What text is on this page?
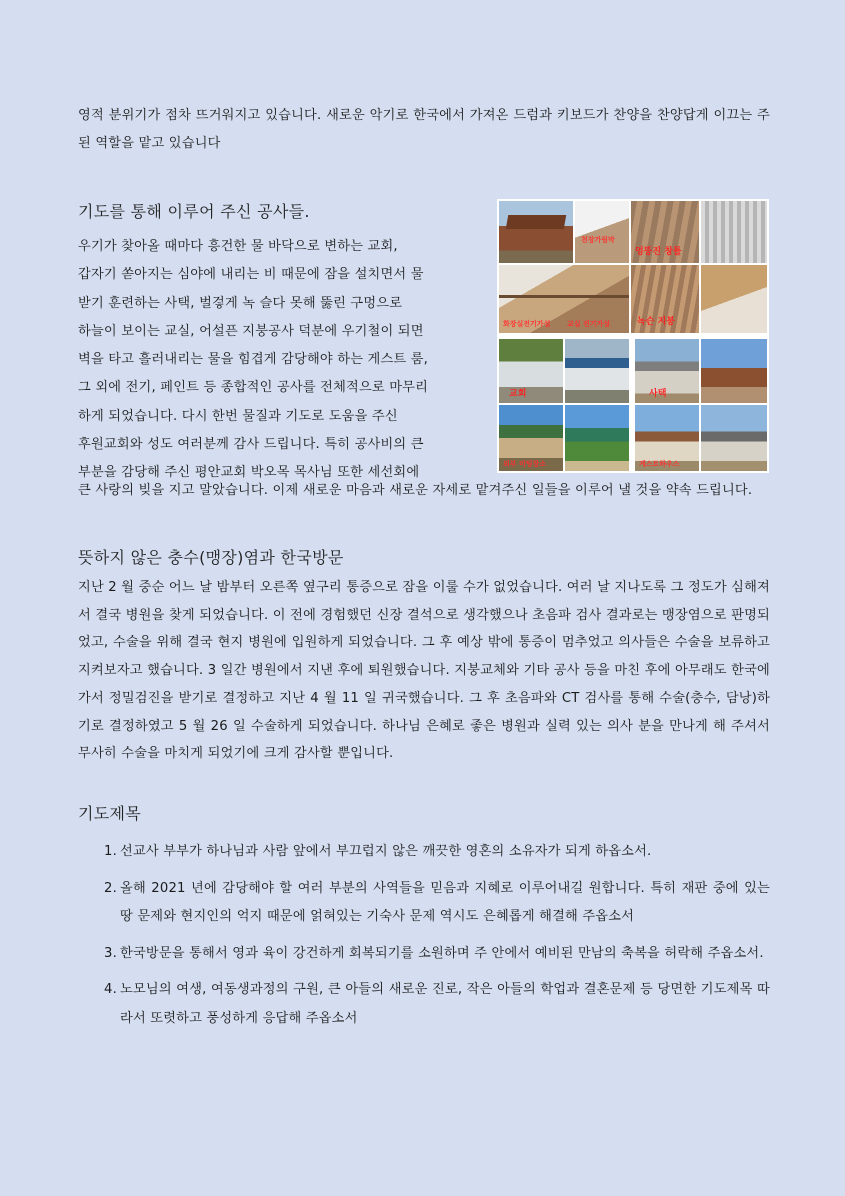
영적 분위기가 점차 뜨거워지고 있습니다. 새로운 악기로 한국에서 가져온 드럼과 키보드가 찬양을 찬양답게 이끄는 주된 역할을 맡고 있습니다
기도를 통해 이루어 주신 공사들.
우기가 찾아올 때마다 흥건한 물 바닥으로 변하는 교회,
갑자기 쏟아지는 심야에 내리는 비 때문에 잠을 설치면서 물
받기 훈련하는 사택, 벌겋게 녹 슬다 못해 뚫린 구멍으로
하늘이 보이는 교실, 어설픈 지붕공사 덕분에 우기철이 되면
벽을 타고 흘러내리는 물을 힘겹게 감당해야 하는 게스트 룸,
그 외에 전기, 페인트 등 종합적인 공사를 전체적으로 마무리
하게 되었습니다. 다시 한번 물질과 기도로 도움을 주신
후원교회와 성도 여러분께 감사 드립니다. 특히 공사비의 큰
부분을 감당해 주신 평안교회 박오목 목사님 또한 세선회에
큰 사랑의 빚을 지고 말았습니다. 이제 새로운 마음과 새로운 자세로 맡겨주신 일들을 이루어 낼 것을 약속 드립니다.
천장가림막
엉뚱진 창틀
화장실전기가설 교실 전기가설	녹슨 지붕
교회	사택
외부 미팅장소	게스트하우스
뜻하지 않은 충수(맹장)염과 한국방문
지난 2 월 중순 어느 날 밤부터 오른쪽 옆구리 통증으로 잠을 이룰 수가 없었습니다. 여러 날 지나도록 그 정도가 심해져서 결국 병원을 찾게 되었습니다. 이 전에 경험했던 신장 결석으로 생각했으나 초음파 검사 결과로는 맹장염으로 판명되었고, 수술을 위해 결국 현지 병원에 입원하게 되었습니다. 그 후 예상 밖에 통증이 멈추었고 의사들은 수술을 보류하고 지켜보자고 했습니다. 3 일간 병원에서 지낸 후에 퇴원했습니다. 지붕교체와 기타 공사 등을 마친 후에 아무래도 한국에 가서 정밀검진을 받기로 결정하고 지난 4 월 11 일 귀국했습니다. 그 후 초음파와 CT 검사를 통해 수술(충수, 담낭)하기로 결정하였고 5 월 26 일 수술하게 되었습니다. 하나님 은혜로 좋은 병원과 실력 있는 의사 분을 만나게 해 주셔서 무사히 수술을 마치게 되었기에 크게 감사할 뿐입니다.
기도제목
1. 선교사 부부가 하나님과 사람 앞에서 부끄럽지 않은 깨끗한 영혼의 소유자가 되게 하옵소서.
2. 올해 2021 년에 감당해야 할 여러 부분의 사역들을 믿음과 지혜로 이루어내길 원합니다. 특히 재판 중에 있는 땅 문제와 현지인의 억지 때문에 얽혀있는 기숙사 문제 역시도 은혜롭게 해결해 주옵소서
3. 한국방문을 통해서 영과 육이 강건하게 회복되기를 소원하며 주 안에서 예비된 만남의 축복을 허락해 주옵소서.
4. 노모님의 여생, 여동생과정의 구원, 큰 아들의 새로운 진로, 작은 아들의 학업과 결혼문제 등 당면한 기도제목 따라서 또렷하고 풍성하게 응답해 주옵소서
